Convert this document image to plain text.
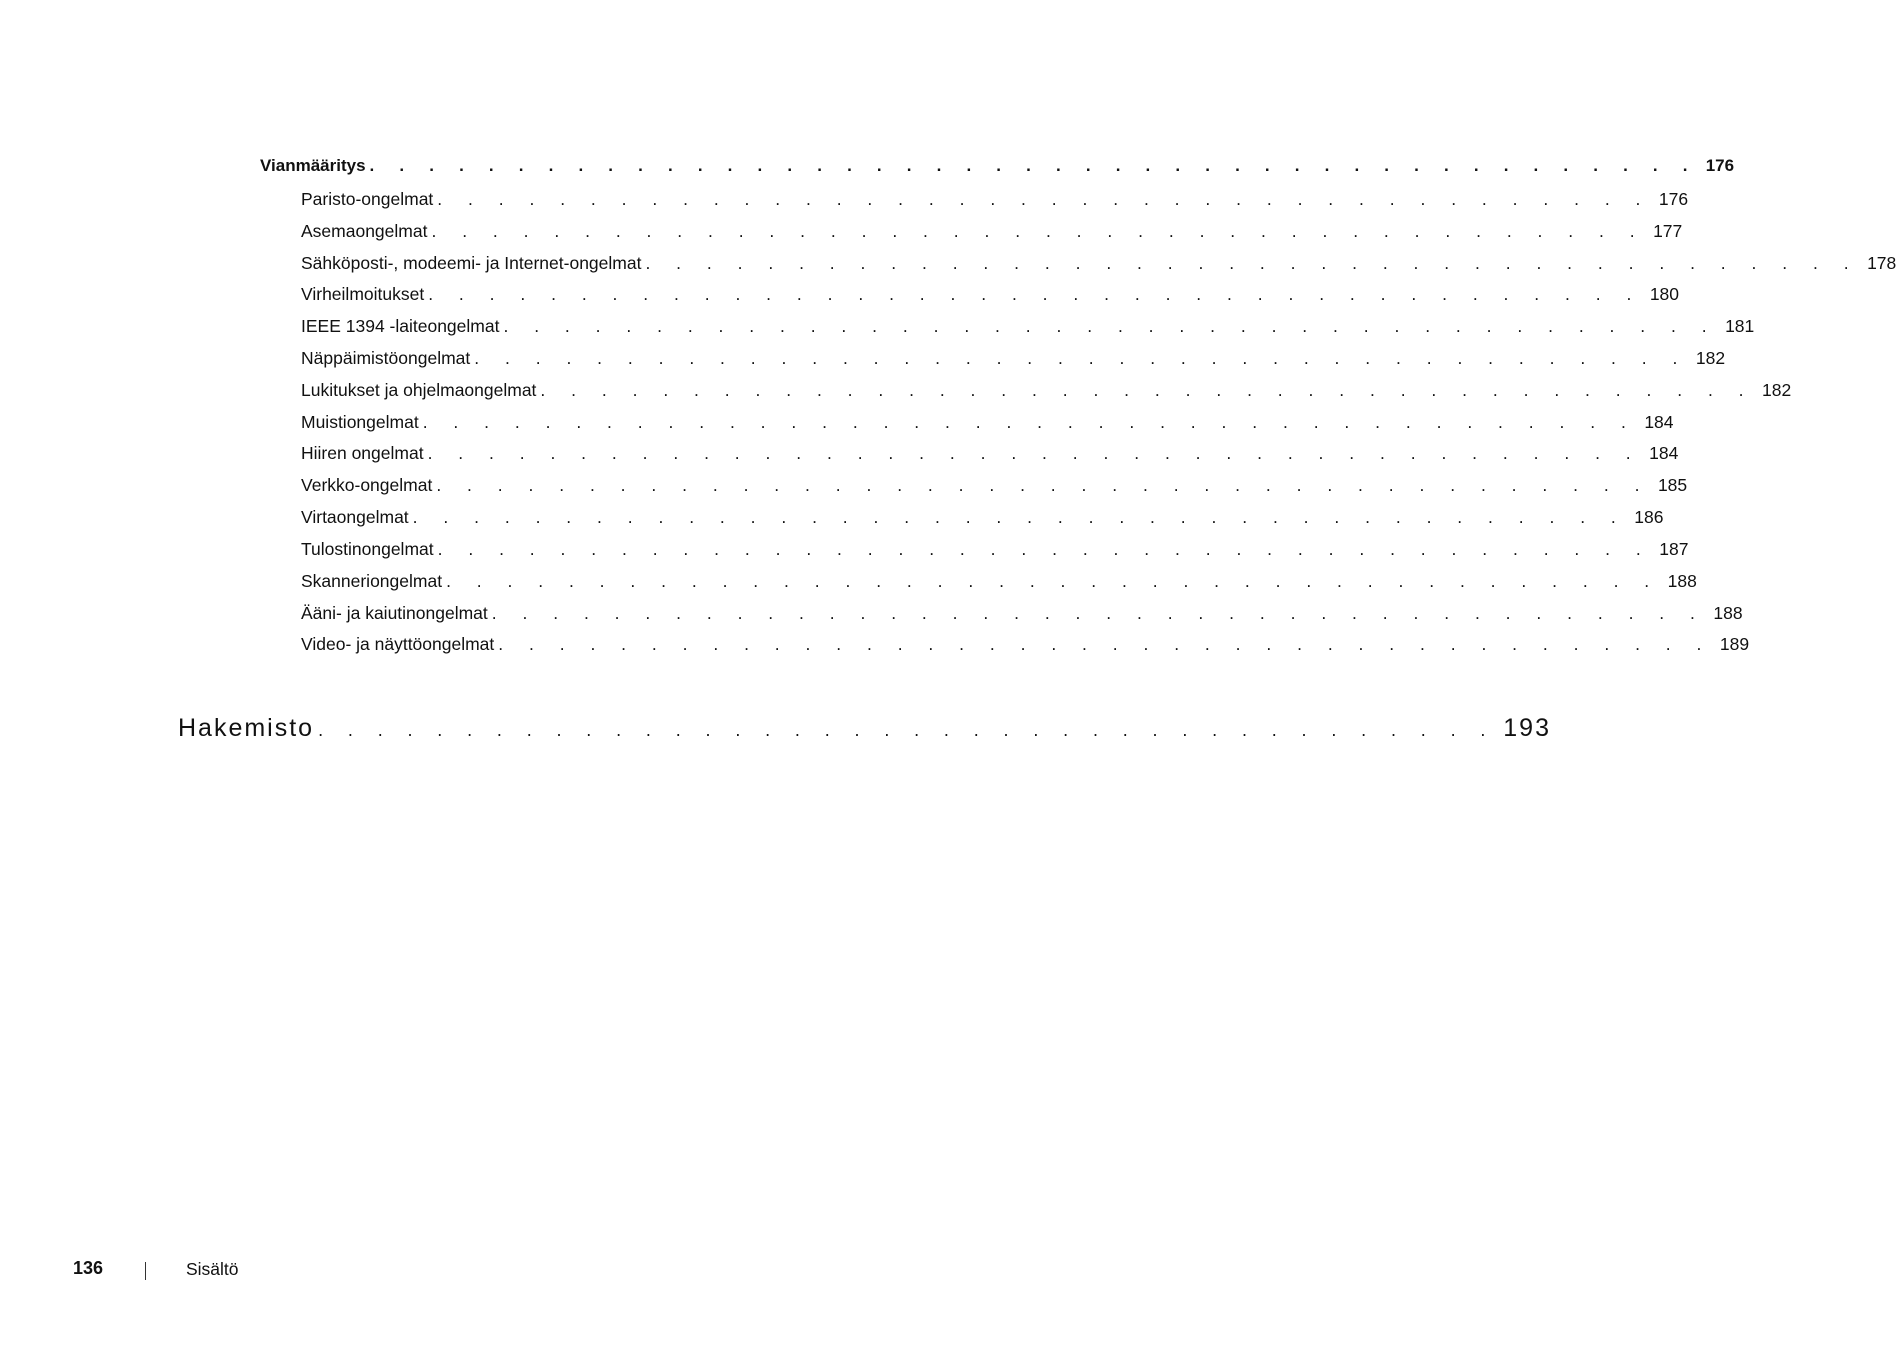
Vianmääritys . . . . . . . . . . . . . . . . . . . . . . . . . . . . . . . . . . . . . . . . . . . . . 176
Paristo-ongelmat . . . . . . . . . . . . . . . . . . . . . . . . . . . . . . . . . . . . . . . . 176
Asemaongelmat . . . . . . . . . . . . . . . . . . . . . . . . . . . . . . . . . . . . . . . . 177
Sähköposti-, modeemi- ja Internet-ongelmat . . . . . . . . . . . . . . . . . . . . . . . . . . . . . . . . . . . . . . . . 178
Virheilmoitukset . . . . . . . . . . . . . . . . . . . . . . . . . . . . . . . . . . . . . . . . 180
IEEE 1394 -laiteongelmat . . . . . . . . . . . . . . . . . . . . . . . . . . . . . . . . . . . . . . . . 181
Näppäimistöongelmat . . . . . . . . . . . . . . . . . . . . . . . . . . . . . . . . . . . . . . . . 182
Lukitukset ja ohjelmaongelmat . . . . . . . . . . . . . . . . . . . . . . . . . . . . . . . . . . . . . . . . 182
Muistiongelmat . . . . . . . . . . . . . . . . . . . . . . . . . . . . . . . . . . . . . . . . 184
Hiiren ongelmat . . . . . . . . . . . . . . . . . . . . . . . . . . . . . . . . . . . . . . . . 184
Verkko-ongelmat . . . . . . . . . . . . . . . . . . . . . . . . . . . . . . . . . . . . . . . . 185
Virtaongelmat . . . . . . . . . . . . . . . . . . . . . . . . . . . . . . . . . . . . . . . . 186
Tulostinongelmat . . . . . . . . . . . . . . . . . . . . . . . . . . . . . . . . . . . . . . . . 187
Skanneriongelmat . . . . . . . . . . . . . . . . . . . . . . . . . . . . . . . . . . . . . . . . 188
Ääni- ja kaiutinongelmat . . . . . . . . . . . . . . . . . . . . . . . . . . . . . . . . . . . . . . . . 188
Video- ja näyttöongelmat . . . . . . . . . . . . . . . . . . . . . . . . . . . . . . . . . . . . . . . . 189
Hakemisto . . . . . . . . . . . . . . . . . . . . . . . . . . . . . . . . . . . . . . . . 193
136	Sisältö
